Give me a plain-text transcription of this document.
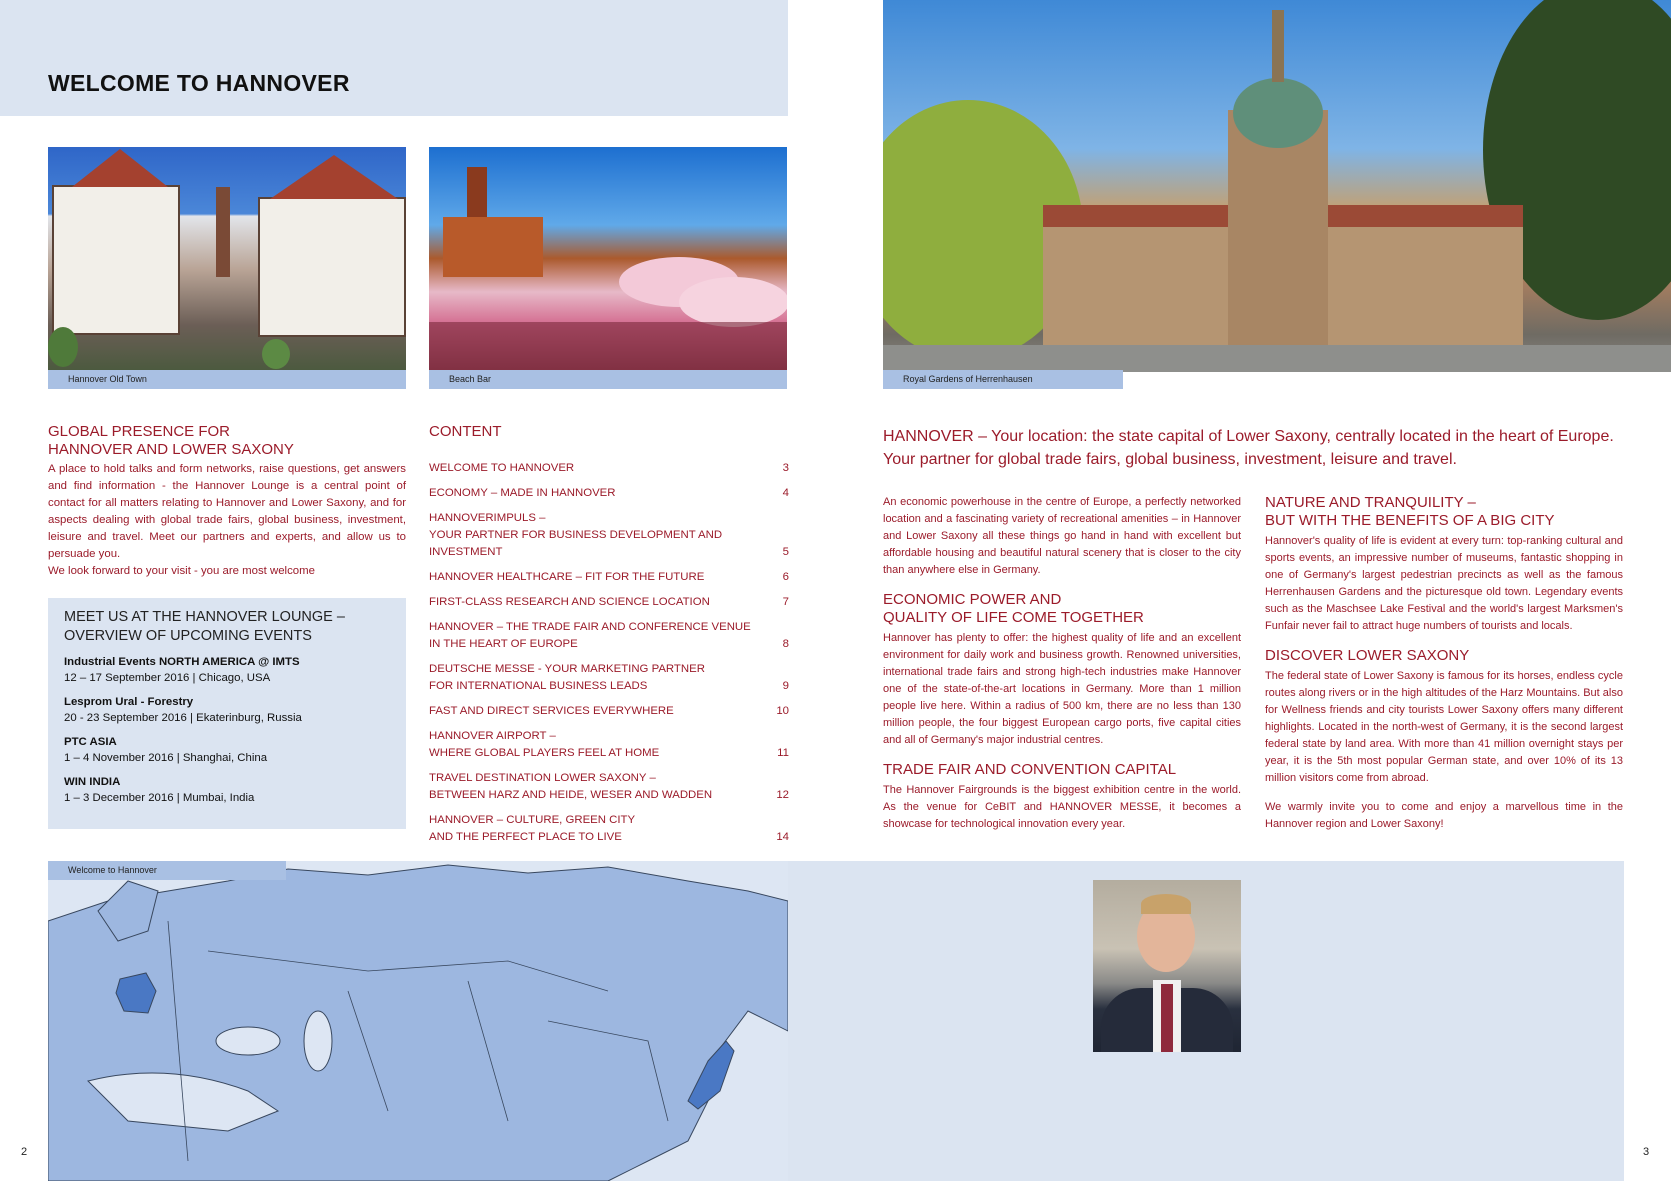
WELCOME TO HANNOVER
Hannover Old Town	Beach Bar	Royal Gardens of Herrenhausen
GLOBAL PRESENCE FOR
HANNOVER AND LOWER SAXONY

A place to hold talks and form networks, raise questions, get answers and find information - the Hannover Lounge is a central point of contact for all matters relating to Hannover and Lower Saxony, and for aspects dealing with global trade fairs, global business, investment, leisure and travel. Meet our partners and experts, and allow us to persuade you.

We look forward to your visit - you are most welcome

MEET US AT THE HANNOVER LOUNGE –
OVERVIEW OF UPCOMING EVENTS
Industrial Events NORTH AMERICA @ IMTS
12 – 17 September 2016 | Chicago, USA
Lesprom Ural - Forestry
20 - 23 September 2016 | Ekaterinburg, Russia
PTC ASIA
1 – 4 November 2016 | Shanghai, China
WIN INDIA
1 – 3 December 2016 | Mumbai, India
CONTENT
WELCOME TO HANNOVER	3
ECONOMY – MADE IN HANNOVER	4
HANNOVERIMPULS –
YOUR PARTNER FOR BUSINESS DEVELOPMENT AND INVESTMENT	5
HANNOVER HEALTHCARE – FIT FOR THE FUTURE	6
FIRST-CLASS RESEARCH AND SCIENCE LOCATION	7
HANNOVER – THE TRADE FAIR AND CONFERENCE VENUE
IN THE HEART OF EUROPE	8
DEUTSCHE MESSE - YOUR MARKETING PARTNER
FOR INTERNATIONAL BUSINESS LEADS	9
FAST AND DIRECT SERVICES EVERYWHERE	10
HANNOVER AIRPORT –
WHERE GLOBAL PLAYERS FEEL AT HOME	11
TRAVEL DESTINATION LOWER SAXONY –
BETWEEN HARZ AND HEIDE, WESER AND WADDEN	12
HANNOVER – CULTURE, GREEN CITY
AND THE PERFECT PLACE TO LIVE	14

HANNOVER – Your location: the state capital of Lower Saxony, centrally located in the heart of Europe. Your partner for global trade fairs, global business, investment, leisure and travel.

An economic powerhouse in the centre of Europe, a perfectly networked location and a fascinating variety of recreational amenities – in Hannover and Lower Saxony all these things go hand in hand with excellent but affordable housing and beautiful natural scenery that is closer to the city than anywhere else in Germany.

ECONOMIC POWER AND
QUALITY OF LIFE COME TOGETHER

Hannover has plenty to offer: the highest quality of life and an excellent environment for daily work and business growth. Renowned universities, international trade fairs and strong high-tech industries make Hannover one of the state-of-the-art locations in Germany. More than 1 million people live here. Within a radius of 500 km, there are no less than 130 million people, the four biggest European cargo ports, five capital cities and all of Germany's major industrial centres.

TRADE FAIR AND CONVENTION CAPITAL

The Hannover Fairgrounds is the biggest exhibition centre in the world. As the venue for CeBIT and HANNOVER MESSE, it becomes a showcase for technological innovation every year.

NATURE AND TRANQUILITY –
BUT WITH THE BENEFITS OF A BIG CITY

Hannover's quality of life is evident at every turn: top-ranking cultural and sports events, an impressive number of museums, fantastic shopping in one of Germany's largest pedestrian precincts as well as the famous Herrenhausen Gardens and the picturesque old town. Legendary events such as the Maschsee Lake Festival and the world's largest Marksmen's Funfair never fail to attract huge numbers of tourists and locals.

DISCOVER LOWER SAXONY

The federal state of Lower Saxony is famous for its horses, endless cycle routes along rivers or in the high altitudes of the Harz Mountains. But also for Wellness friends and city tourists Lower Saxony offers many different highlights. Located in the north-west of Germany, it is the second largest federal state by land area. With more than 41 million overnight stays per year, it is the 5th most popular German state, and over 10% of its 13 million visitors come from abroad.

We warmly invite you to come and enjoy a marvellous time in the Hannover region and Lower Saxony!

Welcome to Hannover
2	3
